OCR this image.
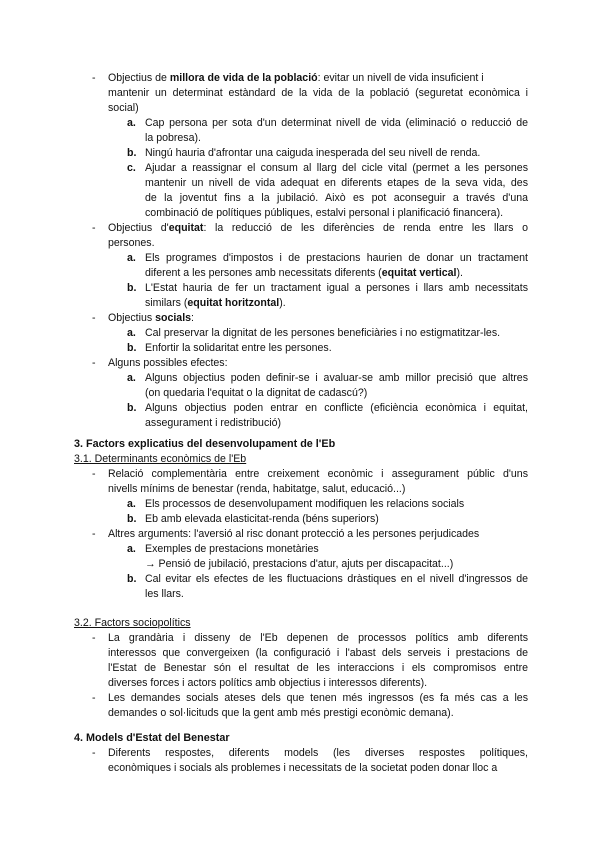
- Objectius de millora de vida de la població: evitar un nivell de vida insuficient i
mantenir un determinat estàndard de la vida de la població (seguretat econòmica i
social)
a. Cap persona per sota d'un determinat nivell de vida (eliminació o reducció de
la pobresa).
b. Ningú hauria d'afrontar una caiguda inesperada del seu nivell de renda.
c. Ajudar a reassignar el consum al llarg del cicle vital (permet a les persones
mantenir un nivell de vida adequat en diferents etapes de la seva vida, des
de la joventut fins a la jubilació. Això es pot aconseguir a través d'una
combinació de polítiques públiques, estalvi personal i planificació financera).
- Objectius d'equitat: la reducció de les diferències de renda entre les llars o
persones.
a. Els programes d'impostos i de prestacions haurien de donar un tractament
diferent a les persones amb necessitats diferents (equitat vertical).
b. L'Estat hauria de fer un tractament igual a persones i llars amb necessitats
similars (equitat horitzontal).
- Objectius socials:
a. Cal preservar la dignitat de les persones beneficiàries i no estigmatitzar-les.
b. Enfortir la solidaritat entre les persones.
- Alguns possibles efectes:
a. Alguns objectius poden definir-se i avaluar-se amb millor precisió que altres
(on quedaria l'equitat o la dignitat de cadascú?)
b. Alguns objectius poden entrar en conflicte (eficiència econòmica i equitat,
assegurament i redistribució)
3. Factors explicatius del desenvolupament de l'Eb
3.1. Determinants econòmics de l'Eb
- Relació complementària entre creixement econòmic i assegurament públic d'uns
nivells mínims de benestar (renda, habitatge, salut, educació...)
a. Els processos de desenvolupament modifiquen les relacions socials
b. Eb amb elevada elasticitat-renda (béns superiors)
- Altres arguments: l'aversió al risc donant protecció a les persones perjudicades
a. Exemples de prestacions monetàries
→ Pensió de jubilació, prestacions d'atur, ajuts per discapacitat...)
b. Cal evitar els efectes de les fluctuacions dràstiques en el nivell d'ingressos de
les llars.
3.2. Factors sociopolítics
- La grandària i disseny de l'Eb depenen de processos polítics amb diferents
interessos que convergeixen (la configuració i l'abast dels serveis i prestacions de
l'Estat de Benestar són el resultat de les interaccions i els compromisos entre
diverses forces i actors polítics amb objectius i interessos diferents).
- Les demandes socials ateses dels que tenen més ingressos (es fa més cas a les
demandes o sol·licituds que la gent amb més prestigi econòmic demana).
4. Models d'Estat del Benestar
- Diferents respostes, diferents models (les diverses respostes polítiques,
econòmiques i socials als problemes i necessitats de la societat poden donar lloc a
